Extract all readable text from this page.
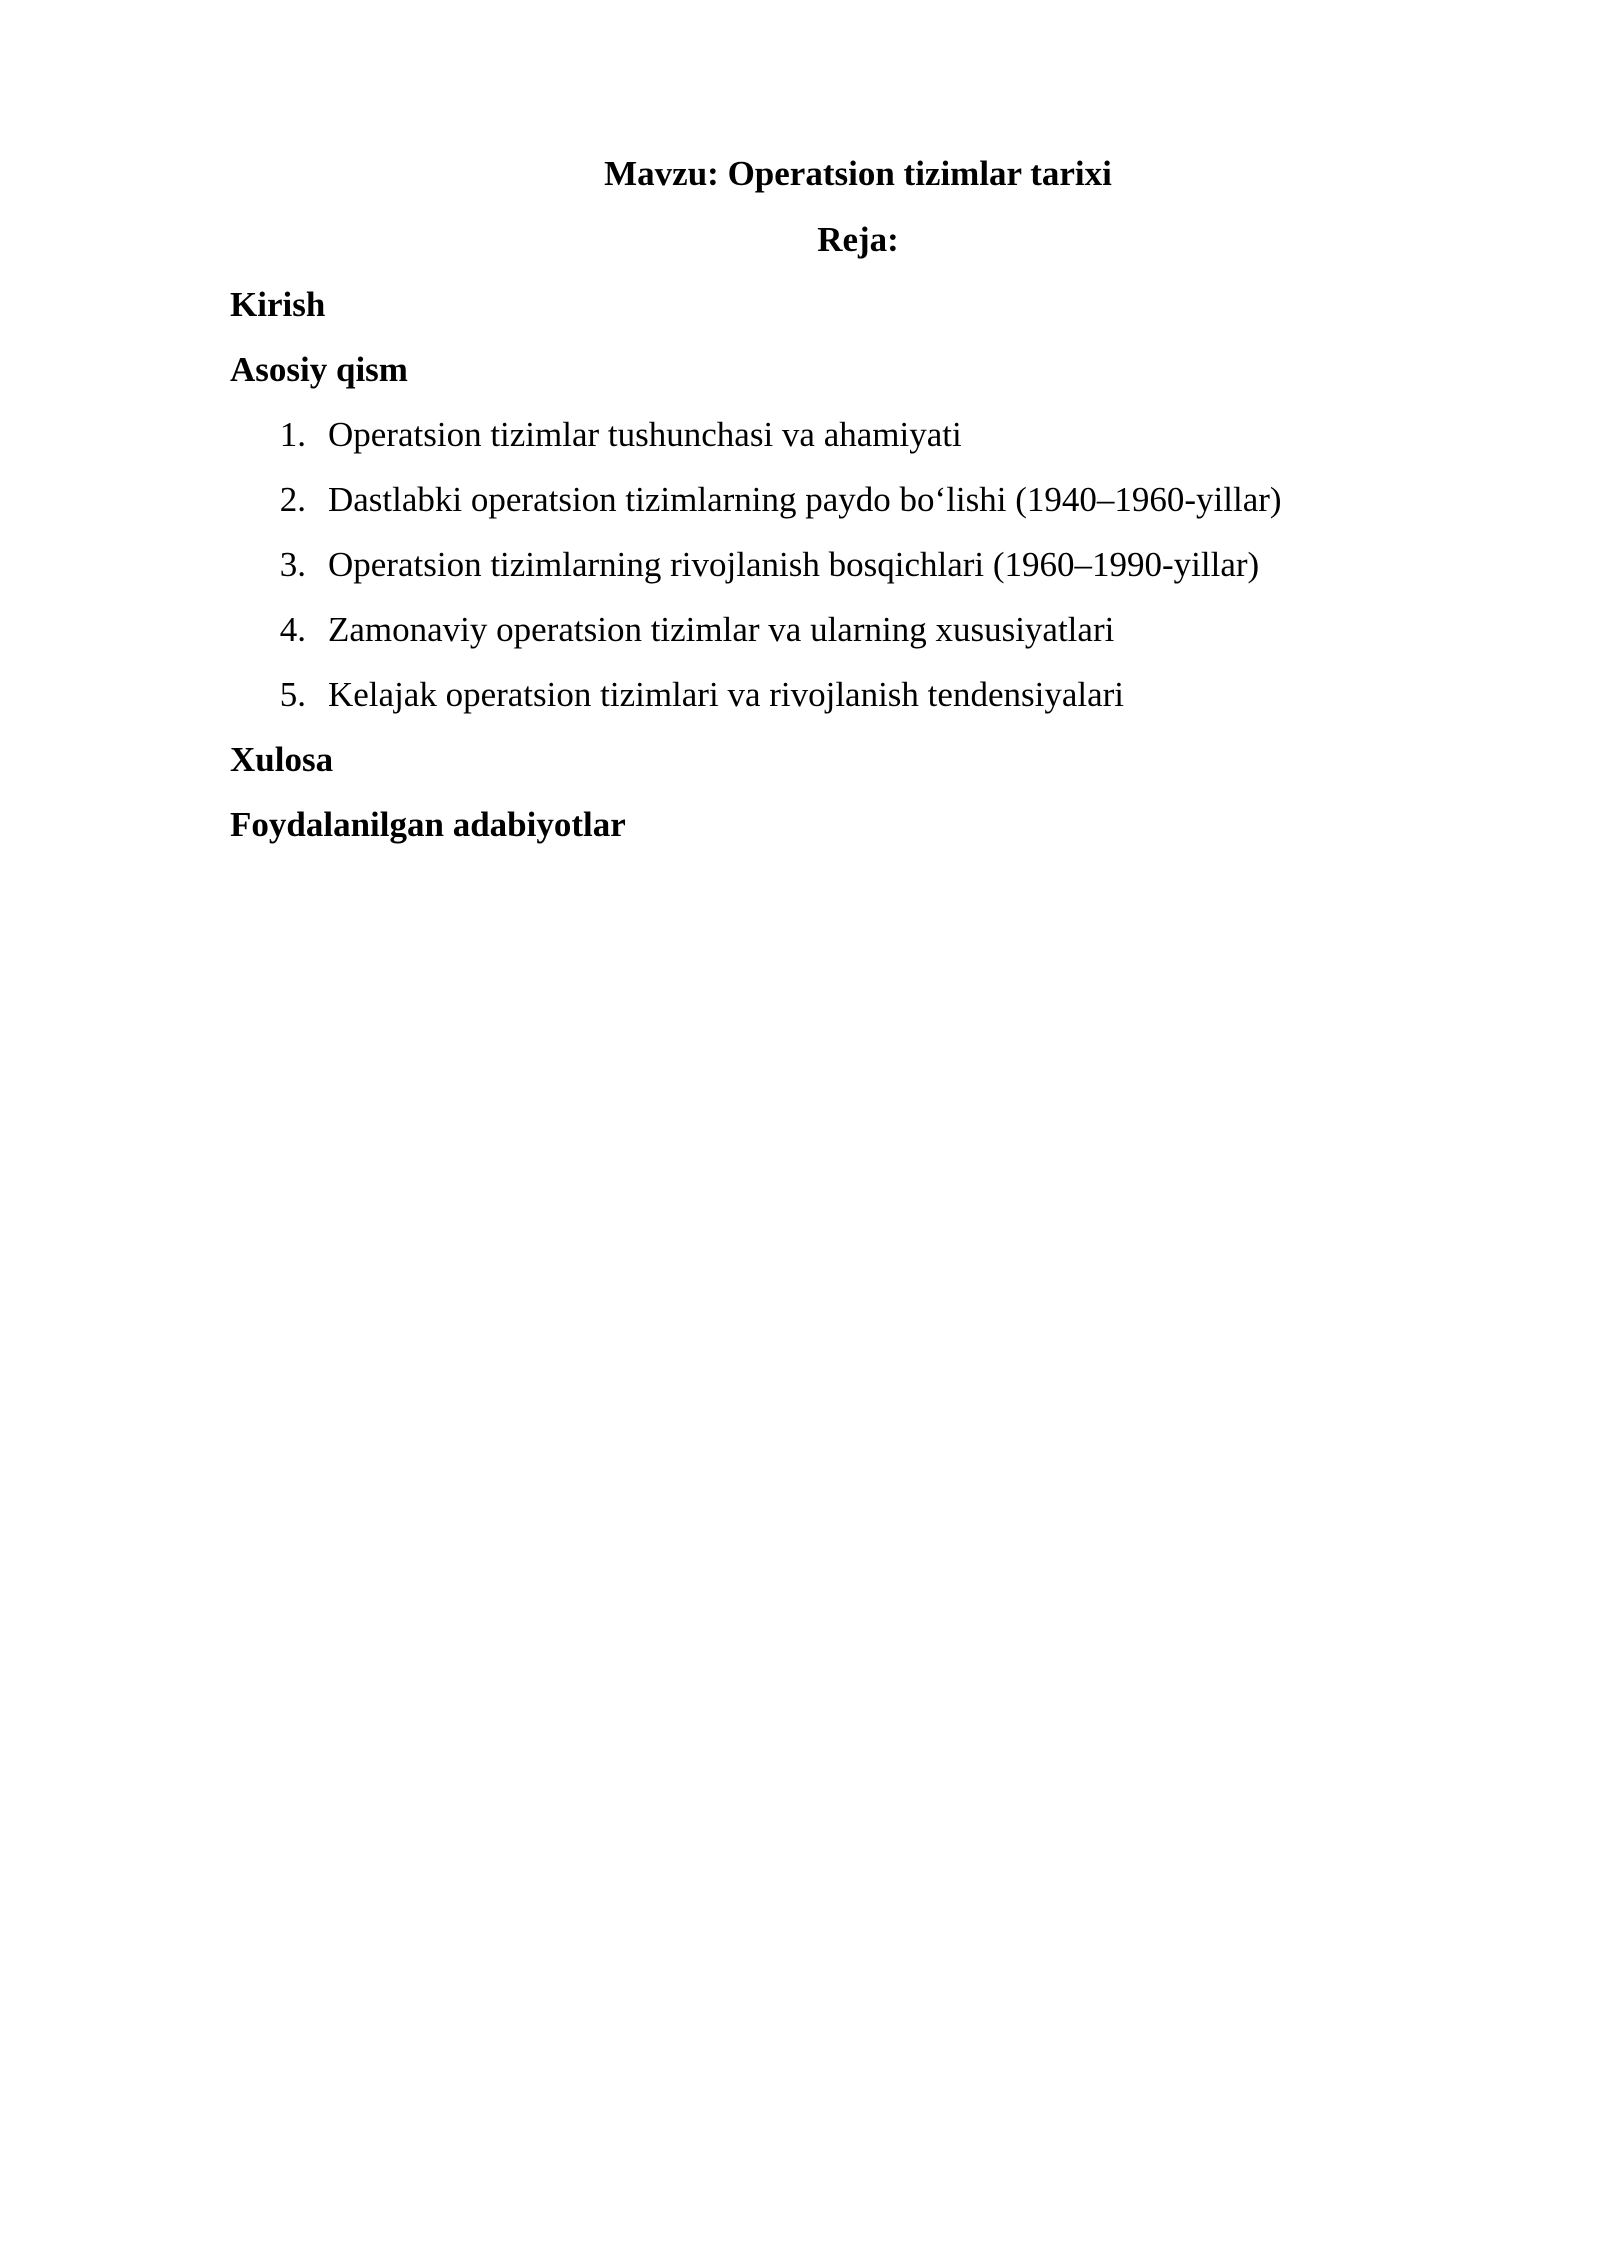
Mavzu: Operatsion tizimlar tarixi
Reja:
Kirish
Asosiy qism
1. Operatsion tizimlar tushunchasi va ahamiyati
2. Dastlabki operatsion tizimlarning paydo bo‘lishi (1940–1960-yillar)
3. Operatsion tizimlarning rivojlanish bosqichlari (1960–1990-yillar)
4. Zamonaviy operatsion tizimlar va ularning xususiyatlari
5. Kelajak operatsion tizimlari va rivojlanish tendensiyalari
Xulosa
Foydalanilgan adabiyotlar
